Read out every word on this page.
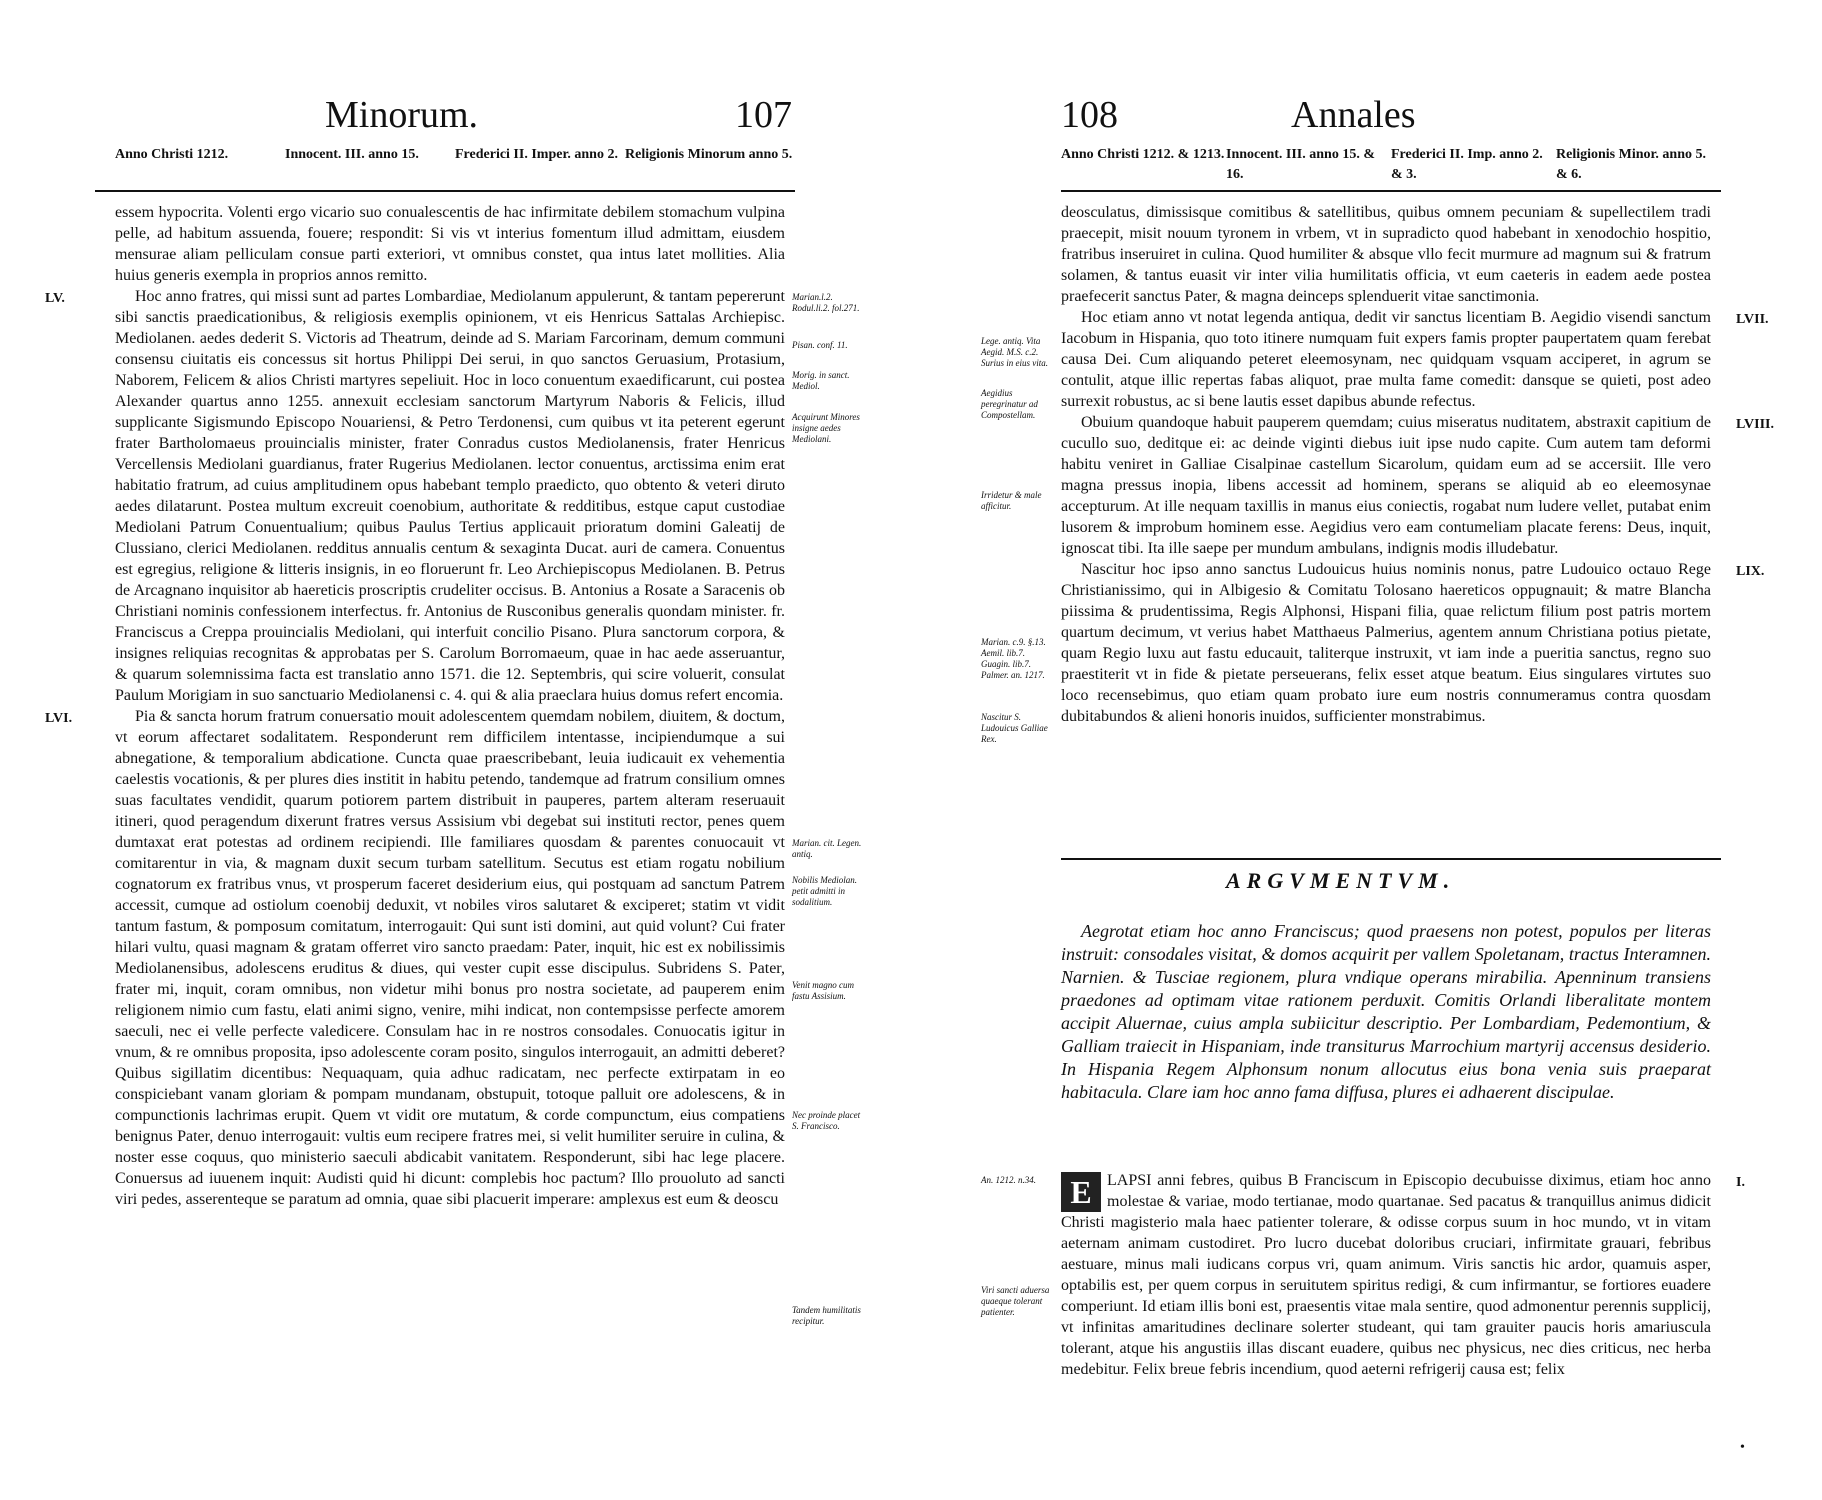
Minorum.	107
Anno Christi 1212.	Innocent. III. anno 15.	Frederici II. Imper. anno 2. Religionis Minorum anno 5.

essem hypocrita. Volenti ergo vicario suo conualescentis de hac infirmitate debilem stomachum vulpina pelle, ad habitum assuenda, fouere; respondit: Si vis vt interius fomentum illud admittam, eiusdem mensurae aliam pelliculam consue parti exteriori, vt omnibus constet, qua intus latet mollities. Alia huius generis exempla in proprios annos remitto.

LV.	Hoc anno fratres, qui missi sunt ad partes Lombardiae, Mediolanum appulerunt, & tantam pepererunt sibi sanctis praedicationibus, & religiosis exemplis opinionem, vt eis Henricus Sattalas Archiepisc. Mediolanen. aedes dederit S. Victoris ad Theatrum, deinde ad S. Mariam Farcorinam, demum communi consensu ciuitatis eis concessus sit hortus Philippi Dei serui, in quo sanctos Geruasium, Protasium, Naborem, Felicem & alios Christi martyres sepeliuit. Hoc in loco conuentum exaedificarunt, cui postea Alexander quartus anno 1255. annexuit ecclesiam sanctorum Martyrum Naboris & Felicis, illud supplicante Sigismundo Episcopo Nouariensi, & Petro Terdonensi, cum quibus vt ita peterent egerunt frater Bartholomaeus prouincialis minister, frater Conradus custos Mediolanensis, frater Henricus Vercellensis Mediolani guardianus, frater Rugerius Mediolanen. lector conuentus, arctissima enim erat habitatio fratrum, ad cuius amplitudinem opus habebant templo praedicto, quo obtento & veteri diruto aedes dilatarunt. Postea multum excreuit coenobium, authoritate & redditibus, estque caput custodiae Mediolani Patrum Conuentualium; quibus Paulus Tertius applicauit prioratum domini Galeatij de Clussiano, clerici Mediolanen. redditus annualis centum & sexaginta Ducat. auri de camera. Conuentus est egregius, religione & litteris insignis, in eo floruerunt fr. Leo Archiepiscopus Mediolanen. B. Petrus de Arcagnano inquisitor ab haereticis proscriptis crudeliter occisus. B. Antonius a Rosate a Saracenis ob Christiani nominis confessionem interfectus. fr. Antonius de Rusconibus generalis quondam minister. fr. Franciscus a Creppa prouincialis Mediolani, qui interfuit concilio Pisano. Plura sanctorum corpora, & insignes reliquias recognitas & approbatas per S. Carolum Borromaeum, quae in hac aede asseruantur, & quarum solemnissima facta est translatio anno 1571. die 12. Septembris, qui scire voluerit, consulat Paulum Morigiam in suo sanctuario Mediolanensi c. 4. qui & alia praeclara huius domus refert encomia.

LVI.	Pia & sancta horum fratrum conuersatio mouit adolescentem quemdam nobilem, diuitem, & doctum, vt eorum affectaret sodalitatem. Responderunt rem difficilem intentasse, incipiendumque a sui abnegatione, & temporalium abdicatione. Cuncta quae praescribebant, leuia iudicauit ex vehementia caelestis vocationis, & per plures dies institit in habitu petendo, tandemque ad fratrum consilium omnes suas facultates vendidit, quarum potiorem partem distribuit in pauperes, partem alteram reseruauit itineri, quod peragendum dixerunt fratres versus Assisium vbi degebat sui instituti rector, penes quem dumtaxat erat potestas ad ordinem recipiendi. Ille familiares quosdam & parentes conuocauit vt comitarentur in via, & magnam duxit secum turbam satellitum. Secutus est etiam rogatu nobilium cognatorum ex fratribus vnus, vt prosperum faceret desiderium eius, qui postquam ad sanctum Patrem accessit, cumque ad ostiolum coenobij deduxit, vt nobiles viros salutaret & exciperet; statim vt vidit tantum fastum, & pomposum comitatum, interrogauit: Qui sunt isti domini, aut quid volunt? Cui frater hilari vultu, quasi magnam & gratam offerret viro sancto praedam: Pater, inquit, hic est ex nobilissimis Mediolanensibus, adolescens eruditus & diues, qui vester cupit esse discipulus. Subridens S. Pater, frater mi, inquit, coram omnibus, non videtur mihi bonus pro nostra societate, ad pauperem enim religionem nimio cum fastu, elati animi signo, venire, mihi indicat, non contempsisse perfecte amorem saeculi, nec ei velle perfecte valedicere. Consulam hac in re nostros consodales. Conuocatis igitur in vnum, & re omnibus proposita, ipso adolescente coram posito, singulos interrogauit, an admitti deberet? Quibus sigillatim dicentibus: Nequaquam, quia adhuc radicatam, nec perfecte extirpatam in eo conspiciebant vanam gloriam & pompam mundanam, obstupuit, totoque palluit ore adolescens, & in compunctionis lachrimas erupit. Quem vt vidit ore mutatum, & corde compunctum, eius compatiens benignus Pater, denuo interrogauit: vultis eum recipere fratres mei, si velit humiliter seruire in culina, & noster esse coquus, quo ministerio saeculi abdicabit vanitatem. Responderunt, sibi hac lege placere. Conuersus ad iuuenem inquit: Audisti quid hi dicunt: complebis hoc pactum? Illo prouoluto ad sancti viri pedes, asserenteque se paratum ad omnia, quae sibi placuerit imperare: amplexus est eum & deoscu

Marian.l.2. Rodul.li.2. fol.271.
Pisan. conf. 11.
Morig. in sanct. Mediol.
Acquirunt Minores insigne aedes Mediolani.
Marian. cit. Legen. antiq.
Nobilis Mediolan. petit admitti in sodalitium.
Venit magno cum fastu Assisium.
Nec proinde placet S. Francisco.
Tandem humilitatis recipitur.
108	Annales
Anno Christi 1212. & 1213. Innocent. III. anno 15. & 16.
Frederici II. Imp. anno 2. & 3.
Religionis Minor. anno 5. & 6.

deosculatus, dimissisque comitibus & satellitibus, quibus omnem pecuniam & supellectilem tradi praecepit, misit nouum tyronem in vrbem, vt in supradicto quod habebant in xenodochio hospitio, fratribus inseruiret in culina. Quod humiliter & absque vllo fecit murmure ad magnum sui & fratrum solamen, & tantus euasit vir inter vilia humilitatis officia, vt eum caeteris in eadem aede postea praefecerit sanctus Pater, & magna deinceps splenduerit vitae sanctimonia.

LVII.

Hoc etiam anno vt notat legenda antiqua, dedit vir sanctus licentiam B. Aegidio visendi sanctum Iacobum in Hispania, quo toto itinere numquam fuit expers famis propter paupertatem quam ferebat causa Dei. Cum aliquando peteret eleemosynam, nec quidquam vsquam acciperet, in agrum se contulit, atque illic repertas fabas aliquot, prae multa fame comedit: dansque se quieti, post adeo surrexit robustus, ac si bene lautis esset dapibus abunde refectus.

LVIII.

Obuium quandoque habuit pauperem quemdam; cuius miseratus nuditatem, abstraxit capitium de cucullo suo, deditque ei: ac deinde viginti diebus iuit ipse nudo capite. Cum autem tam deformi habitu veniret in Galliae Cisalpinae castellum Sicarolum, quidam eum ad se accersiit. Ille vero magna pressus inopia, libens accessit ad hominem, sperans se aliquid ab eo eleemosynae accepturum. At ille nequam taxillis in manus eius coniectis, rogabat num ludere vellet, putabat enim lusorem & improbum hominem esse. Aegidius vero eam contumeliam placate ferens: Deus, inquit, ignoscat tibi. Ita ille saepe per mundum ambulans, indignis modis illudebatur.

LIX.

Nascitur hoc ipso anno sanctus Ludouicus huius nominis nonus, patre Ludouico octauo Rege Christianissimo, qui in Albigesio & Comitatu Tolosano haereticos oppugnauit; & matre Blancha piissima & prudentissima, Regis Alphonsi, Hispani filia, quae relictum filium post patris mortem quartum decimum, vt verius habet Matthaeus Palmerius, agentem annum Christiana potius pietate, quam Regio luxu aut fastu educauit, taliterque instruxit, vt iam inde a pueritia sanctus, regno suo praestiterit vt in fide & pietate perseuerans, felix esset atque beatum. Eius singulares virtutes suo loco recensebimus, quo etiam quam probato iure eum nostris connumeramus contra quosdam dubitabundos & alieni honoris inuidos, sufficienter monstrabimus.

Lege. antiq. Vita Aegid. M.S. c.2. Surius in eius vita.
Aegidius peregrinatur ad Compostellam.
Irridetur & male afficitur.
Marian. c.9. §.13. Aemil. lib.7. Guagin. lib.7. Palmer. an. 1217.
Nascitur S. Ludouicus Galliae Rex.
ARGVMENTVM.

Aegrotat etiam hoc anno Franciscus; quod praesens non potest, populos per literas instruit: consodales visitat, & domos acquirit per vallem Spoletanam, tractus Interamnen. Narnien. & Tusciae regionem, plura vndique operans mirabilia. Apenninum transiens praedones ad optimam vitae rationem perduxit. Comitis Orlandi liberalitate montem accipit Aluernae, cuius ampla subiicitur descriptio. Per Lombardiam, Pedemontium, & Galliam traiecit in Hispaniam, inde transiturus Marrochium martyrij accensus desiderio. In Hispania Regem Alphonsum nonum allocutus eius bona venia suis praeparat habitacula. Clare iam hoc anno fama diffusa, plures ei adhaerent discipulae.

An. 1212. n.34.
Viri sancti aduersa quaeque tolerant patienter.
I.
E LAPSI anni febres, quibus B Franciscum in Episcopio decubuisse diximus, etiam hoc anno molestae & variae, modo tertianae, modo quartanae. Sed pacatus & tranquillus animus didicit Christi magisterio mala haec patienter tolerare, & odisse corpus suum in hoc mundo, vt in vitam aeternam animam custodiret. Pro lucro ducebat doloribus cruciari, infirmitate grauari, febribus aestuare, minus mali iudicans corpus vri, quam animum. Viris sanctis hic ardor, quamuis asper, optabilis est, per quem corpus in seruitutem spiritus redigi, & cum infirmantur, se fortiores euadere comperiunt. Id etiam illis boni est, praesentis vitae mala sentire, quod admonentur perennis supplicij, vt infinitas amaritudines declinare solerter studeant, qui tam grauiter paucis horis amariuscula tolerant, atque his angustiis illas discant euadere, quibus nec physicus, nec dies criticus, nec herba medebitur. Felix breue febris incendium, quod aeterni refrigerij causa est; felix

•
